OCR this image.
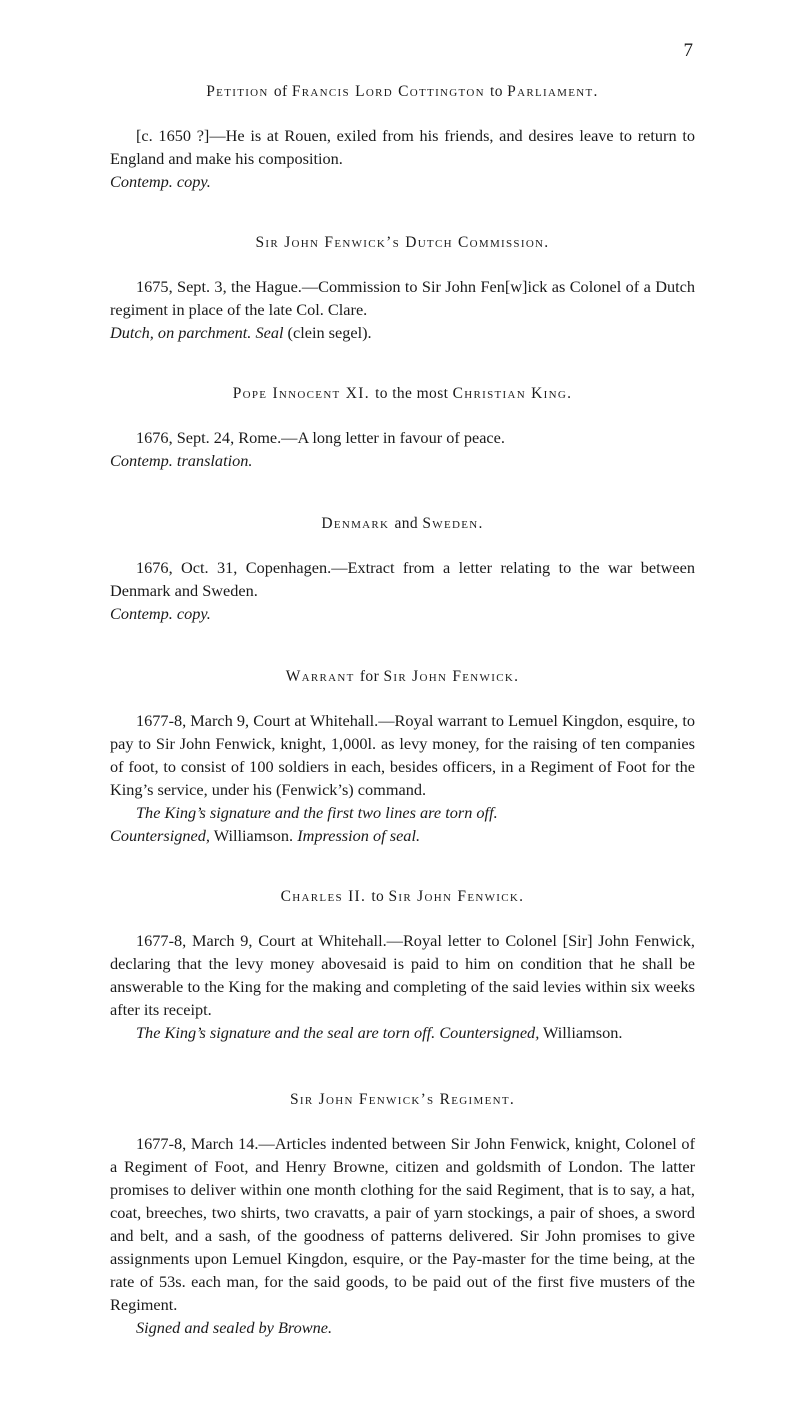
7
Petition of Francis Lord Cottington to Parliament.

[c. 1650 ?]—He is at Rouen, exiled from his friends, and desires leave to return to England and make his composition.

Contemp. copy.

Sir John Fenwick’s Dutch Commission.

1675, Sept. 3, the Hague.—Commission to Sir John Fen[w]ick as Colonel of a Dutch regiment in place of the late Col. Clare.

Dutch, on parchment. Seal (clein segel).

Pope Innocent XI. to the most Christian King.

1676, Sept. 24, Rome.—A long letter in favour of peace.

Contemp. translation.

Denmark and Sweden.

1676, Oct. 31, Copenhagen.—Extract from a letter relating to the war between Denmark and Sweden.

Contemp. copy.

Warrant for Sir John Fenwick.

1677-8, March 9, Court at Whitehall.—Royal warrant to Lemuel Kingdon, esquire, to pay to Sir John Fenwick, knight, 1,000l. as levy money, for the raising of ten companies of foot, to consist of 100 soldiers in each, besides officers, in a Regiment of Foot for the King’s service, under his (Fenwick’s) command.

The King’s signature and the first two lines are torn off.

Countersigned, Williamson. Impression of seal.

Charles II. to Sir John Fenwick.

1677-8, March 9, Court at Whitehall.—Royal letter to Colonel [Sir] John Fenwick, declaring that the levy money abovesaid is paid to him on condition that he shall be answerable to the King for the making and completing of the said levies within six weeks after its receipt.

The King’s signature and the seal are torn off. Countersigned, Williamson.

Sir John Fenwick’s Regiment.

1677-8, March 14.—Articles indented between Sir John Fenwick, knight, Colonel of a Regiment of Foot, and Henry Browne, citizen and goldsmith of London. The latter promises to deliver within one month clothing for the said Regiment, that is to say, a hat, coat, breeches, two shirts, two cravatts, a pair of yarn stockings, a pair of shoes, a sword and belt, and a sash, of the goodness of patterns delivered. Sir John promises to give assignments upon Lemuel Kingdon, esquire, or the Pay-master for the time being, at the rate of 53s. each man, for the said goods, to be paid out of the first five musters of the Regiment.

Signed and sealed by Browne.
